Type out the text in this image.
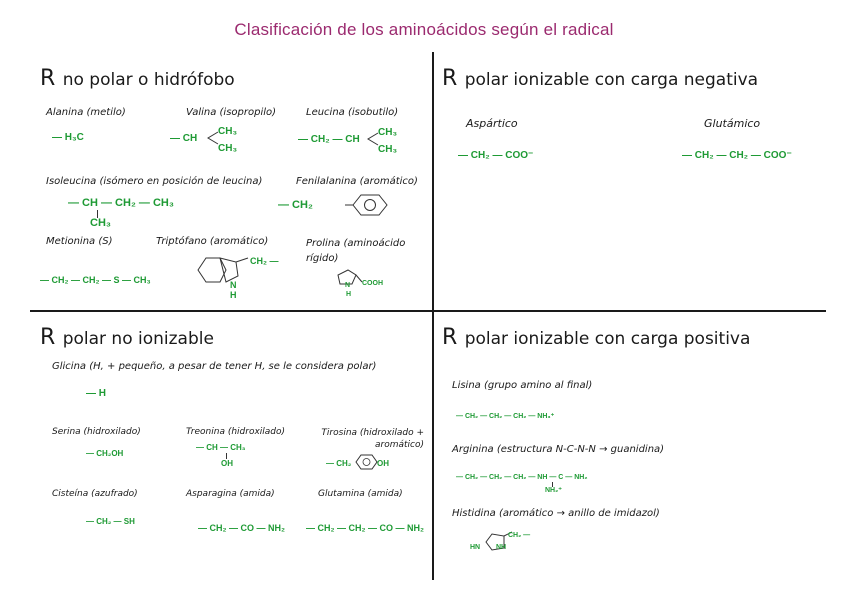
Clasificación de los aminoácidos según el radical
R no polar o hidrófobo
Alanina (metilo)
— H₃C
Valina (isopropilo)
— CH
CH₃
CH₃
Leucina (isobutilo)
— CH₂ — CH
CH₃
CH₃
Isoleucina (isómero en posición de leucina)
— CH — CH₂ — CH₃
CH₃
Fenilalanina (aromático)
— CH₂
Metionina (S)
— CH₂ — CH₂ — S — CH₃
Triptófano (aromático)
CH₂ —
N
H
Prolina (aminoácido rígido)
COOH
N
H
R polar ionizable con carga negativa
Aspártico
— CH₂ — COO⁻
Glutámico
— CH₂ — CH₂ — COO⁻
R polar no ionizable
Glicina (H, + pequeño, a pesar de tener H, se le considera polar)
— H
Serina (hidroxilado)
— CH₂OH
Treonina (hidroxilado)
— CH — CH₃
OH
Tirosina (hidroxilado + aromático)
— CH₂	OH
Cisteína (azufrado)
— CH₂ — SH
Asparagina (amida)
— CH₂ — CO — NH₂
Glutamina (amida)
— CH₂ — CH₂ — CO — NH₂
R polar ionizable con carga positiva
Lisina (grupo amino al final)
— CH₂ — CH₂ — CH₂ — NH₃⁺
Arginina (estructura N-C-N-N → guanidina)
— CH₂ — CH₂ — CH₂ — NH — C — NH₂
NH₂⁺
Histidina (aromático → anillo de imidazol)
CH₂ —
HN NH
